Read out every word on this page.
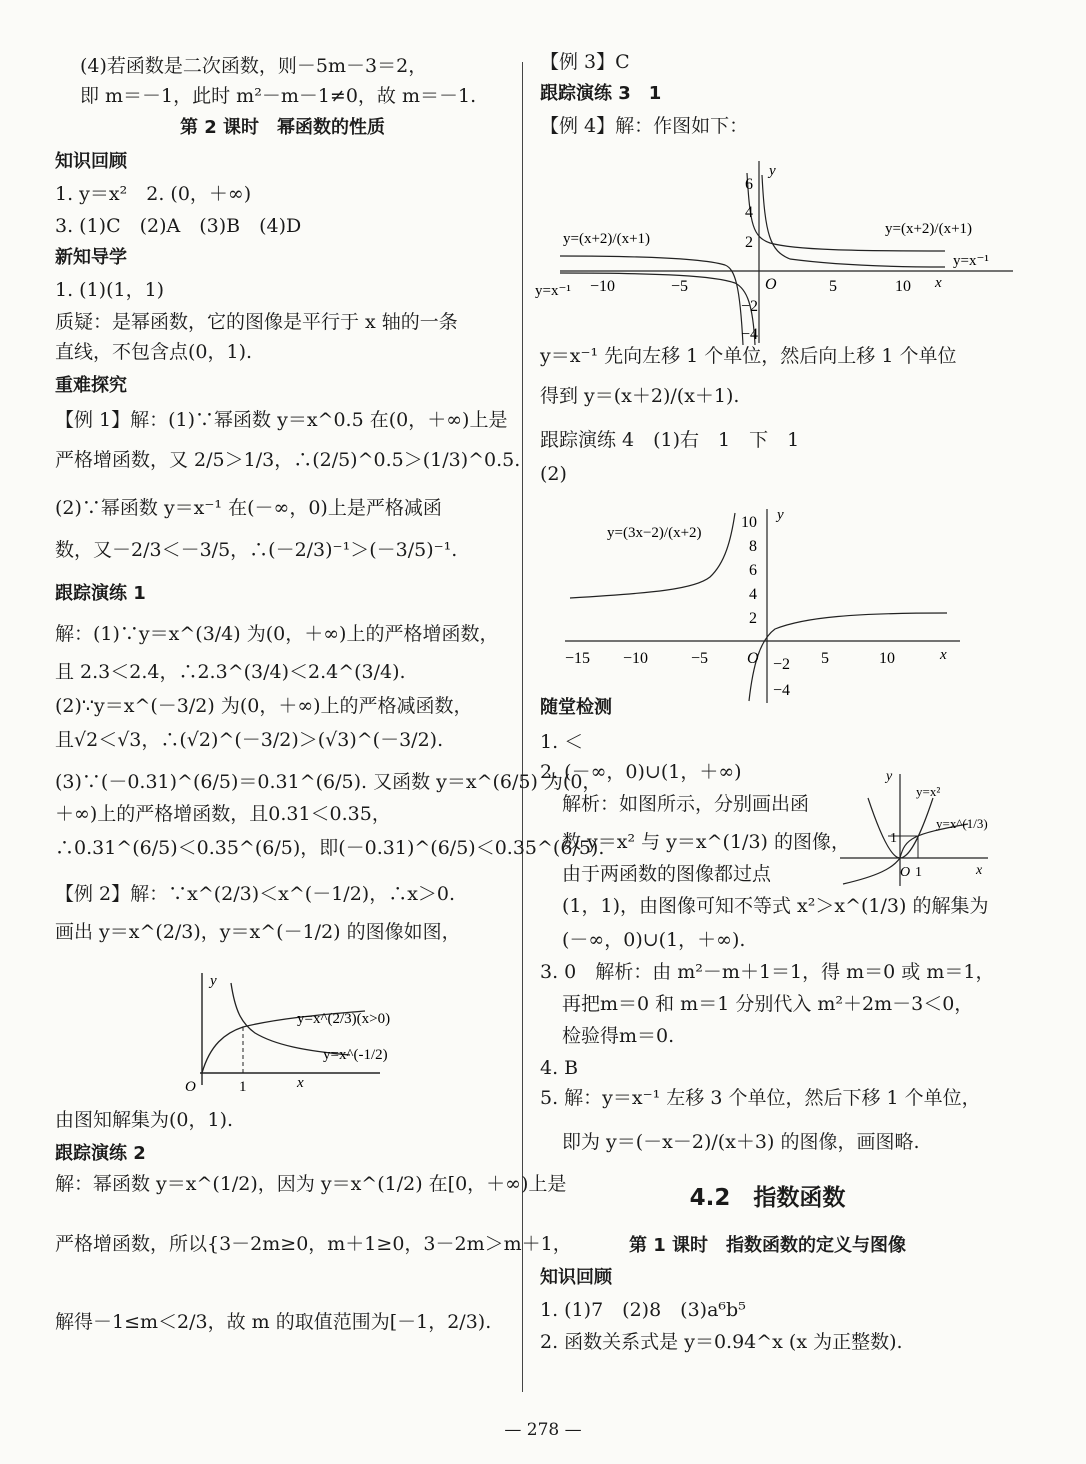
(4)若函数是二次函数，则－5m－3＝2，
即 m＝－1，此时 m²－m－1≠0，故 m＝－1.
第 2 课时　幂函数的性质
知识回顾
1. y＝x²　2. (0，＋∞)
3. (1)C　(2)A　(3)B　(4)D
新知导学
1. (1)(1，1)
质疑：是幂函数，它的图像是平行于 x 轴的一条
直线，不包含点(0，1).
重难探究
【例 1】解：(1)∵幂函数 y＝x^0.5 在(0，＋∞)上是
严格增函数，又 2/5＞1/3，∴(2/5)^0.5＞(1/3)^0.5.
(2)∵幂函数 y＝x⁻¹ 在(－∞，0)上是严格减函
数，又－2/3＜－3/5，∴(－2/3)⁻¹＞(－3/5)⁻¹.
跟踪演练 1
解：(1)∵y＝x^(3/4) 为(0，＋∞)上的严格增函数，
且 2.3＜2.4，∴2.3^(3/4)＜2.4^(3/4).
(2)∵y＝x^(－3/2) 为(0，＋∞)上的严格减函数，
且√2＜√3，∴(√2)^(－3/2)＞(√3)^(－3/2).
(3)∵(－0.31)^(6/5)＝0.31^(6/5). 又函数 y＝x^(6/5) 为(0，
＋∞)上的严格增函数，且0.31＜0.35，
∴0.31^(6/5)＜0.35^(6/5)，即(－0.31)^(6/5)＜0.35^(6/5).
【例 2】解：∵x^(2/3)＜x^(－1/2)，∴x＞0.
画出 y＝x^(2/3)，y＝x^(－1/2) 的图像如图，
由图知解集为(0，1).
跟踪演练 2
解：幂函数 y＝x^(1/2)，因为 y＝x^(1/2) 在[0，＋∞)上是
严格增函数，所以{3－2m≥0，m＋1≥0，3－2m＞m＋1，
解得－1≤m＜2/3，故 m 的取值范围为[－1，2/3).
【例 3】C
跟踪演练 3　1
【例 4】解：作图如下：
y＝x⁻¹ 先向左移 1 个单位，然后向上移 1 个单位
得到 y＝(x＋2)/(x＋1).
跟踪演练 4　(1)右　1　下　1
(2)
随堂检测
1. ＜
2. (－∞，0)∪(1，＋∞)
解析：如图所示，分别画出函
数 y＝x² 与 y＝x^(1/3) 的图像，
由于两函数的图像都过点
(1，1)，由图像可知不等式 x²＞x^(1/3) 的解集为
(－∞，0)∪(1，＋∞).
3. 0　解析：由 m²－m＋1＝1，得 m＝0 或 m＝1，
再把m＝0 和 m＝1 分别代入 m²＋2m－3＜0，
检验得m＝0.
4. B
5. 解：y＝x⁻¹ 左移 3 个单位，然后下移 1 个单位，
即为 y＝(－x－2)/(x＋3) 的图像，画图略.
4.2　指数函数
第 1 课时　指数函数的定义与图像
知识回顾
1. (1)7　(2)8　(3)a⁶b⁵
2. 函数关系式是 y＝0.94^x (x 为正整数).
y
x
O	1
y=x^(2/3)(x>0)
y=x^(-1/2)
y=(x+2)/(x+1)
y=(x+2)/(x+1)
y=x⁻¹
y=x⁻¹
−10	−5	5	10
6
4
2
−2
−4
O	x
y
y=(3x−2)/(x+2)
−15 −10	−5	5	10
10
8
6
4
2
−2
−4
O	x
y
y
x
O 1
1
y=x²
y=x^(1/3)
— 278 —
